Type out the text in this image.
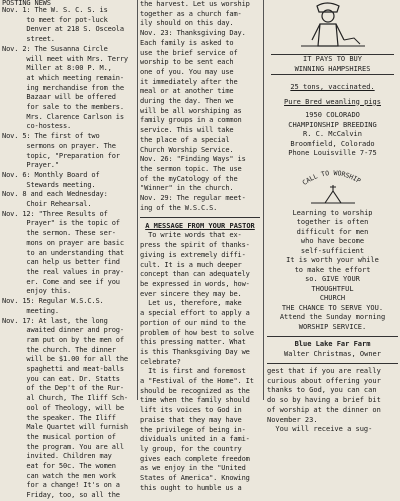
POSTING NEWS
Nov. 1: The W. S. C. S. is
to meet for pot-luck
Denver at 218 S. Osceola
street.
Nov. 2: The Susanna Circle
will meet with Mrs. Terry
Miller at 8:00 P. M.,
at which meeting remain-
ing merchandise from the
Bazaar will be offered
for sale to the members.
Mrs. Clarence Carlson is
co-hostess.
Nov. 5: The first of two
sermons on prayer. The
topic, "Preparation for
Prayer."
Nov. 6: Monthly Board of
Stewards meeting.
Nov. 8 and each Wednesday:
Choir Rehearsal.
Nov. 12: "Three Results of
Prayer" is the topic of
the sermon. These ser-
mons on prayer are basic
to an understanding that
can help us better find
the real values in pray-
er. Come and see if you
enjoy this.
Nov. 15: Regular W.S.C.S.
meeting.
Nov. 17: At last, the long
awaited dinner and prog-
ram put on by the men of
the church. The dinner
will be $1.00 for all the
spaghetti and meat-balls
you can eat. Dr. Statts
of the Dep't of the Rur-
al Church, The Iliff Sch-
ool of Theology, will be
the speaker. The Iliff
Male Quartet will furnish
the musical portion of
the program. You are all
invited. Children may
eat for 50c. The women
can watch the men work
for a change! It's on a
Friday, too, so all the
the harvest. Let us worship
together as a church fam-
ily should on this day.
Nov. 23: Thanksgiving Day.
Each family is asked to
use the brief service of
worship to be sent each
one of you. You may use
it immediately after the
meal or at another time
during the day. Then we
will be all worshiping as
family groups in a common
service. This will take
the place of a special
Church Worship Service.
Nov. 26: "Finding Ways" is
the sermon topic. The use
of the myCatology of the
"Winner" in the church.
Nov. 29: The regular meet-
ing of the W.S.C.S.
A MESSAGE FROM YOUR PASTOR
To write words that ex-
press the spirit of thanks-
giving is extremely diffi-
cult. It is a much deeper
concept than can adequately
be expressed in words, how-
ever sincere they may be.
Let us, therefore, make
a special effort to apply a
portion of our mind to the
problem of how best to solve
this pressing matter. What
is this Thanksgiving Day we
celebrate?
It is first and foremost
a "Festival of the Home". It
should be recognized as the
time when the family should
lift its voices to God in
praise that they may have
the privilege of being in-
dividuals united in a fami-
ly group, for the country
gives each complete freedom
as we enjoy in the "United
States of America". Knowing
this ought to humble us a
IT PAYS TO BUY
WINNING HAMPSHIRES
25 tons, vaccinated.
Pure Bred weanling pigs
1950 COLORADO
CHAMPIONSHIP BREEDING
R. C. McCalvin
Broomfield, Colorado
Phone Louisville 7-75
CALL TO WORSHIP
Learning to worship
together is often
difficult for men
who have become
self-sufficient
It is worth your while
to make the effort
so. GIVE YOUR
THOUGHTFUL
CHURCH
THE CHANCE TO SERVE YOU.
Attend the Sunday morning
WORSHIP SERVICE.
Blue Lake Far Farm
Walter Christmas, Owner
gest that if you are really
curious about offering your
thanks to God, you can can
do so by having a brief bit
of worship at the dinner on
November 23.
You will receive a sug-
